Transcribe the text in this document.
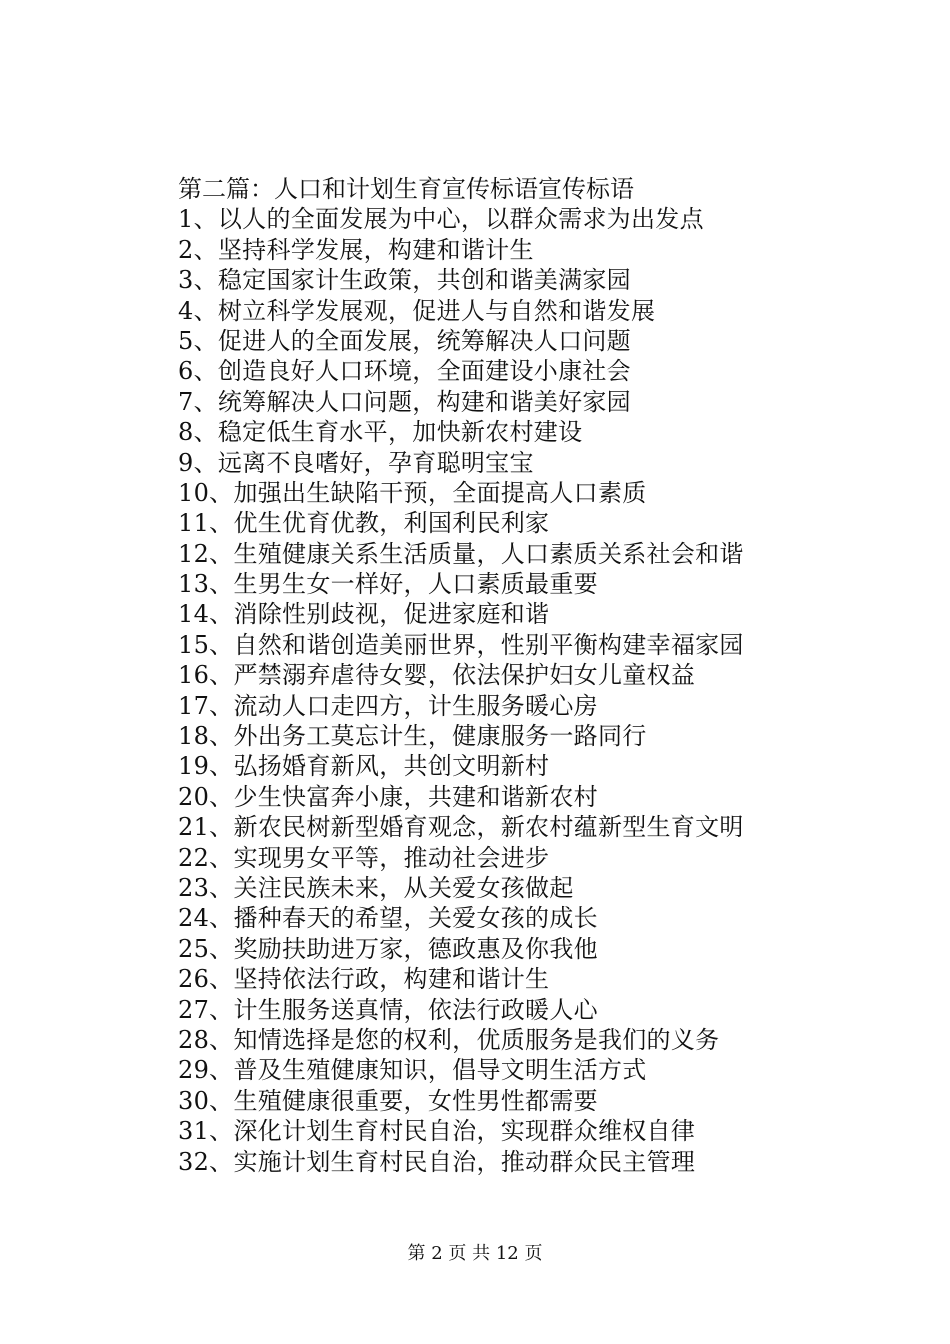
第二篇：人口和计划生育宣传标语宣传标语
1、以人的全面发展为中心，以群众需求为出发点
2、坚持科学发展，构建和谐计生
3、稳定国家计生政策，共创和谐美满家园
4、树立科学发展观，促进人与自然和谐发展
5、促进人的全面发展，统筹解决人口问题
6、创造良好人口环境，全面建设小康社会
7、统筹解决人口问题，构建和谐美好家园
8、稳定低生育水平，加快新农村建设
9、远离不良嗜好，孕育聪明宝宝
10、加强出生缺陷干预，全面提高人口素质
11、优生优育优教，利国利民利家
12、生殖健康关系生活质量，人口素质关系社会和谐
13、生男生女一样好，人口素质最重要
14、消除性别歧视，促进家庭和谐
15、自然和谐创造美丽世界，性别平衡构建幸福家园
16、严禁溺弃虐待女婴，依法保护妇女儿童权益
17、流动人口走四方，计生服务暖心房
18、外出务工莫忘计生，健康服务一路同行
19、弘扬婚育新风，共创文明新村
20、少生快富奔小康，共建和谐新农村
21、新农民树新型婚育观念，新农村蕴新型生育文明
22、实现男女平等，推动社会进步
23、关注民族未来，从关爱女孩做起
24、播种春天的希望，关爱女孩的成长
25、奖励扶助进万家，德政惠及你我他
26、坚持依法行政，构建和谐计生
27、计生服务送真情，依法行政暖人心
28、知情选择是您的权利，优质服务是我们的义务
29、普及生殖健康知识，倡导文明生活方式
30、生殖健康很重要，女性男性都需要
31、深化计划生育村民自治，实现群众维权自律
32、实施计划生育村民自治，推动群众民主管理
第 2 页 共 12 页
